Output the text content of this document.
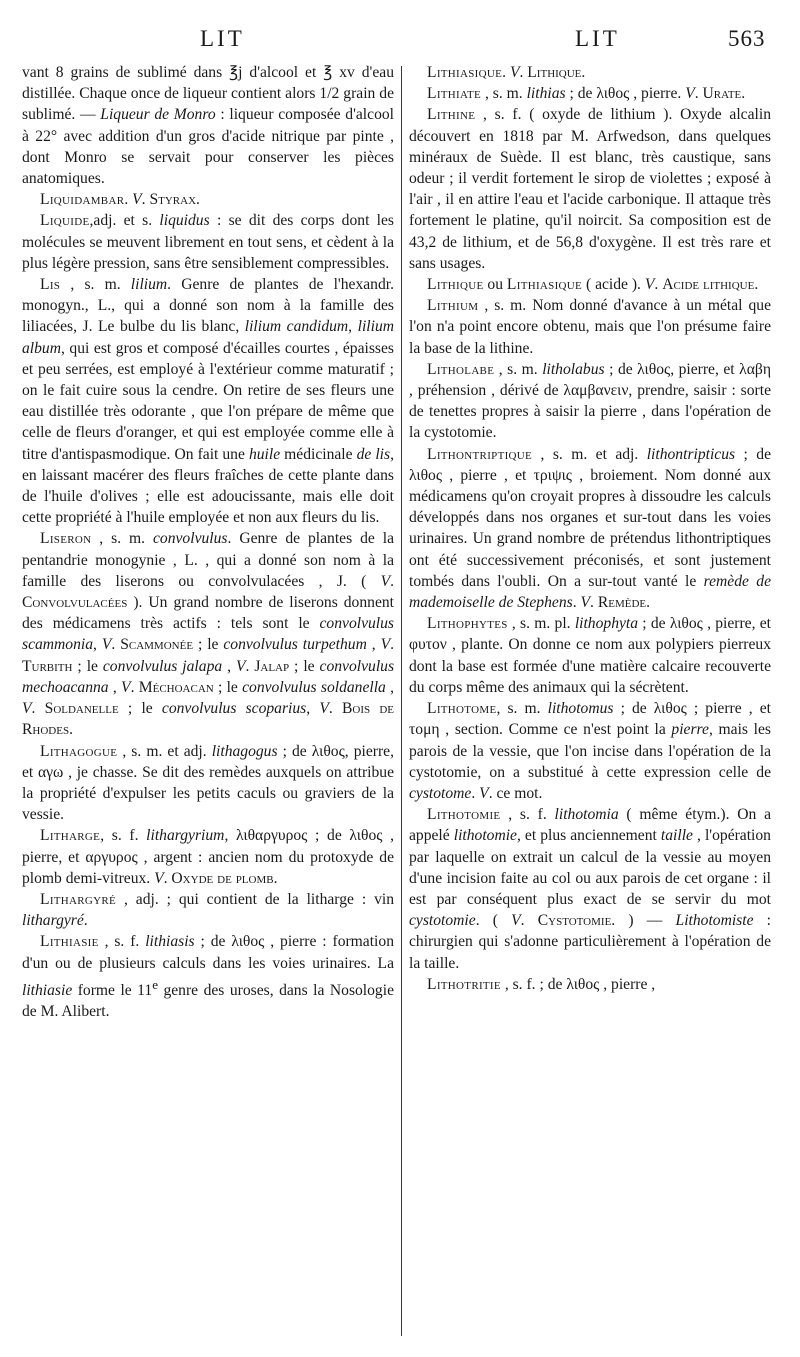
LIT	LIT	563

vant 8 grains de sublimé dans ℥j d'alcool et ℥ xv d'eau distillée. Chaque once de liqueur contient alors 1/2 grain de sublimé. — Liqueur de Monro : liqueur composée d'alcool à 22° avec addition d'un gros d'acide nitrique par pinte , dont Monro se servait pour conserver les pièces anatomiques.

Liquidambar. V. Styrax.

Liquide,adj. et s. liquidus : se dit des corps dont les molécules se meuvent librement en tout sens, et cèdent à la plus légère pression, sans être sensiblement compressibles.

Lis , s. m. lilium. Genre de plantes de l'hexandr. monogyn., L., qui a donné son nom à la famille des liliacées, J. Le bulbe du lis blanc, lilium candidum, lilium album, qui est gros et composé d'écailles courtes , épaisses et peu serrées, est employé à l'extérieur comme maturatif ; on le fait cuire sous la cendre. On retire de ses fleurs une eau distillée très odorante , que l'on prépare de même que celle de fleurs d'oranger, et qui est employée comme elle à titre d'antispasmodique. On fait une huile médicinale de lis, en laissant macérer des fleurs fraîches de cette plante dans de l'huile d'olives ; elle est adoucissante, mais elle doit cette propriété à l'huile employée et non aux fleurs du lis.

Liseron , s. m. convolvulus. Genre de plantes de la pentandrie monogynie , L. , qui a donné son nom à la famille des liserons ou convolvulacées , J. ( V. Convolvulacées ). Un grand nombre de liserons donnent des médicamens très actifs : tels sont le convolvulus scammonia, V. Scammonée ; le convolvulus turpethum , V. Turbith ; le convolvulus jalapa , V. Jalap ; le convolvulus mechoacanna , V. Méchoacan ; le convolvulus soldanella , V. Soldanelle ; le convolvulus scoparius, V. Bois de Rhodes.

Lithagogue , s. m. et adj. lithagogus ; de λιθος, pierre, et αγω , je chasse. Se dit des remèdes auxquels on attribue la propriété d'expulser les petits caculs ou graviers de la vessie.

Litharge, s. f. lithargyrium, λιθαργυρος ; de λιθος , pierre, et αργυρος , argent : ancien nom du protoxyde de plomb demi-vitreux. V. Oxyde de plomb.

Lithargyré , adj. ; qui contient de la litharge : vin lithargyré.

Lithiasie , s. f. lithiasis ; de λιθος , pierre : formation d'un ou de plusieurs calculs dans les voies urinaires. La lithiasie forme le 11e genre des uroses, dans la Nosologie de M. Alibert.

Lithiasique. V. Lithique.

Lithiate , s. m. lithias ; de λιθος , pierre. V. Urate.

Lithine , s. f. ( oxyde de lithium ). Oxyde alcalin découvert en 1818 par M. Arfwedson, dans quelques minéraux de Suède. Il est blanc, très caustique, sans odeur ; il verdit fortement le sirop de violettes ; exposé à l'air , il en attire l'eau et l'acide carbonique. Il attaque très fortement le platine, qu'il noircit. Sa composition est de 43,2 de lithium, et de 56,8 d'oxygène. Il est très rare et sans usages.

Lithique ou Lithiasique ( acide ). V. Acide lithique.

Lithium , s. m. Nom donné d'avance à un métal que l'on n'a point encore obtenu, mais que l'on présume faire la base de la lithine.

Litholabe , s. m. litholabus ; de λιθος, pierre, et λαβη , préhension , dérivé de λαμβανειν, prendre, saisir : sorte de tenettes propres à saisir la pierre , dans l'opération de la cystotomie.

Lithontriptique , s. m. et adj. lithontripticus ; de λιθος , pierre , et τριψις , broiement. Nom donné aux médicamens qu'on croyait propres à dissoudre les calculs développés dans nos organes et sur-tout dans les voies urinaires. Un grand nombre de prétendus lithontriptiques ont été successivement préconisés, et sont justement tombés dans l'oubli. On a sur-tout vanté le remède de mademoiselle de Stephens. V. Remède.

Lithophytes , s. m. pl. lithophyta ; de λιθος , pierre, et φυτον , plante. On donne ce nom aux polypiers pierreux dont la base est formée d'une matière calcaire recouverte du corps même des animaux qui la sécrètent.

Lithotome, s. m. lithotomus ; de λιθος ; pierre , et τομη , section. Comme ce n'est point la pierre, mais les parois de la vessie, que l'on incise dans l'opération de la cystotomie, on a substitué à cette expression celle de cystotome. V. ce mot.

Lithotomie , s. f. lithotomia ( même étym.). On a appelé lithotomie, et plus anciennement taille , l'opération par laquelle on extrait un calcul de la vessie au moyen d'une incision faite au col ou aux parois de cet organe : il est par conséquent plus exact de se servir du mot cystotomie. ( V. Cystotomie. ) — Lithotomiste : chirurgien qui s'adonne particulièrement à l'opération de la taille.

Lithotritie , s. f. ; de λιθος , pierre ,
